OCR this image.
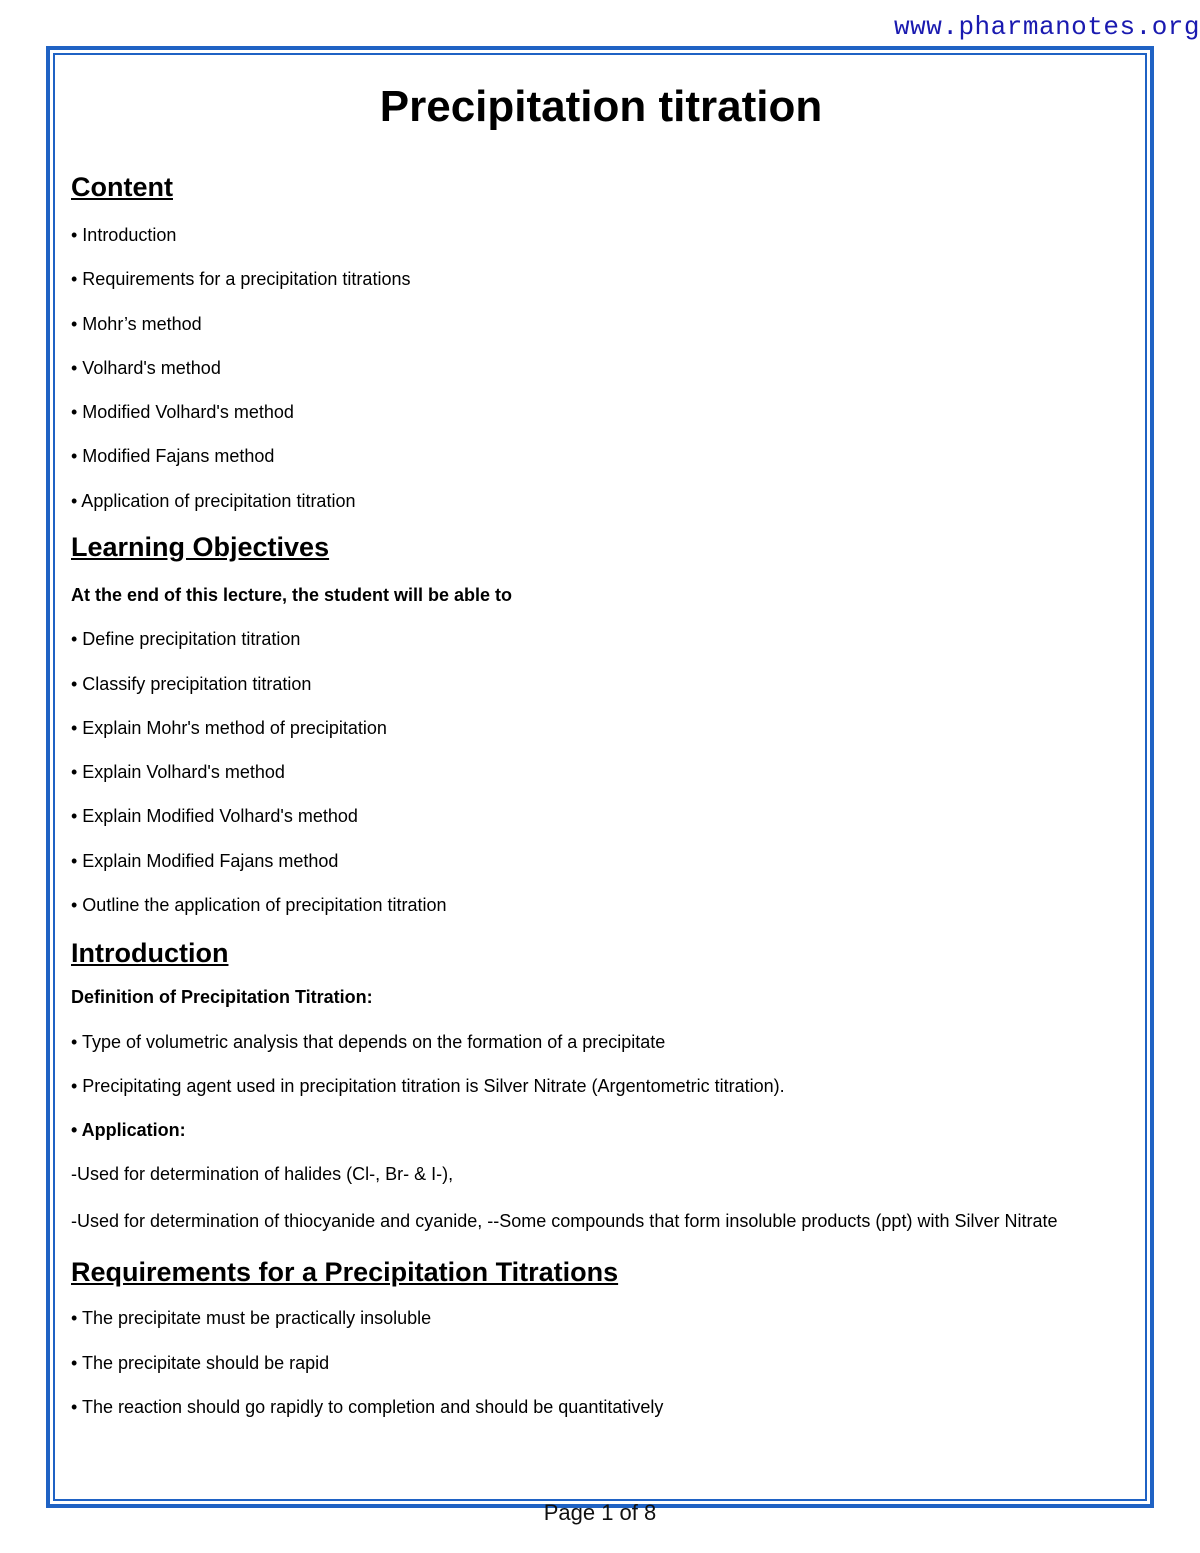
www.pharmanotes.org
Precipitation titration
Content

• Introduction

• Requirements for a precipitation titrations

• Mohr’s method

• Volhard's method

• Modified Volhard's method

• Modified Fajans method

• Application of precipitation titration

Learning Objectives

At the end of this lecture, the student will be able to

• Define precipitation titration

• Classify precipitation titration

• Explain Mohr's method of precipitation

• Explain Volhard's method

• Explain Modified Volhard's method

• Explain Modified Fajans method

• Outline the application of precipitation titration

Introduction

Definition of Precipitation Titration:

• Type of volumetric analysis that depends on the formation of a precipitate

• Precipitating agent used in precipitation titration is Silver Nitrate (Argentometric titration).

• Application:

-Used for determination of halides (Cl-, Br- & I-),

-Used for determination of thiocyanide and cyanide, --Some compounds that form insoluble products (ppt) with Silver Nitrate

Requirements for a Precipitation Titrations

• The precipitate must be practically insoluble

• The precipitate should be rapid

• The reaction should go rapidly to completion and should be quantitatively

Page 1 of 8
